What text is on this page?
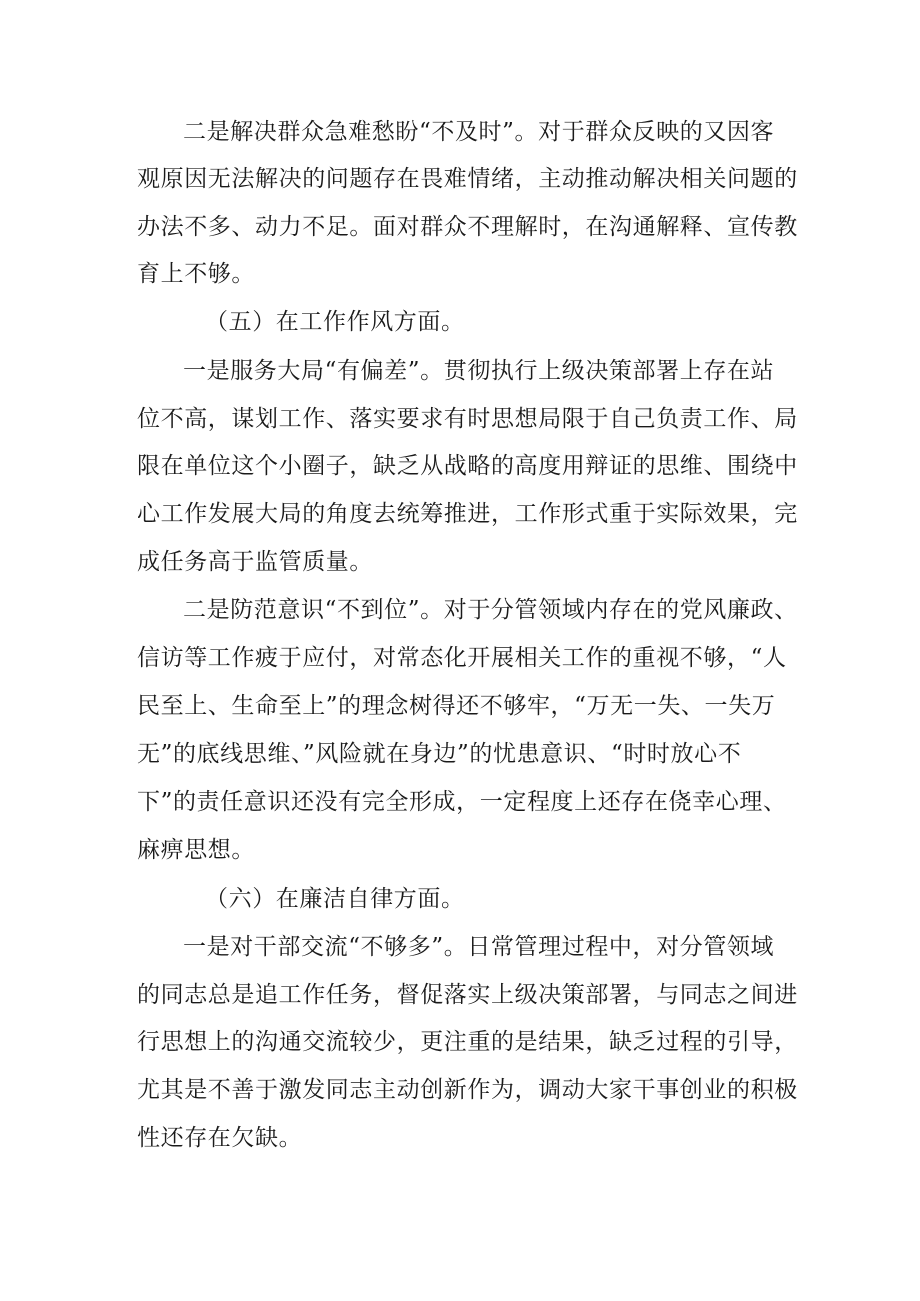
二是解决群众急难愁盼“不及时”。对于群众反映的又因客
观原因无法解决的问题存在畏难情绪，主动推动解决相关问题的
办法不多、动力不足。面对群众不理解时，在沟通解释、宣传教
育上不够。
（五）在工作作风方面。
一是服务大局“有偏差”。贯彻执行上级决策部署上存在站
位不高，谋划工作、落实要求有时思想局限于自己负责工作、局
限在单位这个小圈子，缺乏从战略的高度用辩证的思维、围绕中
心工作发展大局的角度去统筹推进，工作形式重于实际效果，完
成任务高于监管质量。
二是防范意识“不到位”。对于分管领域内存在的党风廉政、
信访等工作疲于应付，对常态化开展相关工作的重视不够，“人
民至上、生命至上”的理念树得还不够牢，“万无一失、一失万
无”的底线思维、”风险就在身边”的忧患意识、“时时放心不
下”的责任意识还没有完全形成，一定程度上还存在侥幸心理、
麻痹思想。
（六）在廉洁自律方面。
一是对干部交流“不够多”。日常管理过程中，对分管领域
的同志总是追工作任务，督促落实上级决策部署，与同志之间进
行思想上的沟通交流较少，更注重的是结果，缺乏过程的引导，
尤其是不善于激发同志主动创新作为，调动大家干事创业的积极
性还存在欠缺。
